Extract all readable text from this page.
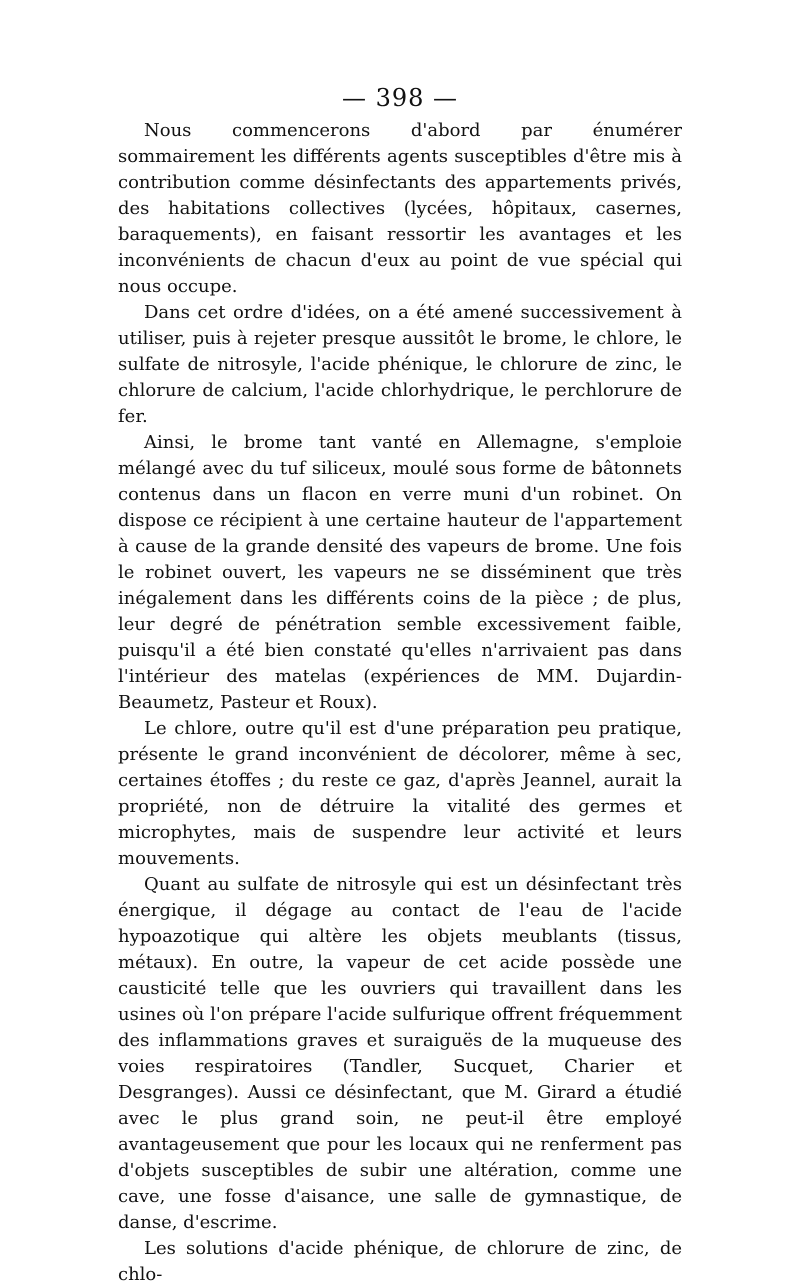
— 398 —

Nous commencerons d'abord par énumérer sommairement les différents agents susceptibles d'être mis à contribution comme désinfectants des appartements privés, des habitations collectives (lycées, hôpitaux, casernes, baraquements), en faisant ressortir les avantages et les inconvénients de chacun d'eux au point de vue spécial qui nous occupe.

Dans cet ordre d'idées, on a été amené successivement à utiliser, puis à rejeter presque aussitôt le brome, le chlore, le sulfate de nitrosyle, l'acide phénique, le chlorure de zinc, le chlorure de calcium, l'acide chlorhydrique, le perchlorure de fer.

Ainsi, le brome tant vanté en Allemagne, s'emploie mélangé avec du tuf siliceux, moulé sous forme de bâtonnets contenus dans un flacon en verre muni d'un robinet. On dispose ce récipient à une certaine hauteur de l'appartement à cause de la grande densité des vapeurs de brome. Une fois le robinet ouvert, les vapeurs ne se disséminent que très inégalement dans les différents coins de la pièce ; de plus, leur degré de pénétration semble excessivement faible, puisqu'il a été bien constaté qu'elles n'arrivaient pas dans l'intérieur des matelas (expériences de MM. Dujardin-Beaumetz, Pasteur et Roux).

Le chlore, outre qu'il est d'une préparation peu pratique, présente le grand inconvénient de décolorer, même à sec, certaines étoffes ; du reste ce gaz, d'après Jeannel, aurait la propriété, non de détruire la vitalité des germes et microphytes, mais de suspendre leur activité et leurs mouvements.

Quant au sulfate de nitrosyle qui est un désinfectant très énergique, il dégage au contact de l'eau de l'acide hypoazotique qui altère les objets meublants (tissus, métaux). En outre, la vapeur de cet acide possède une causticité telle que les ouvriers qui travaillent dans les usines où l'on prépare l'acide sulfurique offrent fréquemment des inflammations graves et suraiguës de la muqueuse des voies respiratoires (Tandler, Sucquet, Charier et Desgranges). Aussi ce désinfectant, que M. Girard a étudié avec le plus grand soin, ne peut-il être employé avantageusement que pour les locaux qui ne renferment pas d'objets susceptibles de subir une altération, comme une cave, une fosse d'aisance, une salle de gymnastique, de danse, d'escrime.

Les solutions d'acide phénique, de chlorure de zinc, de chlo-
